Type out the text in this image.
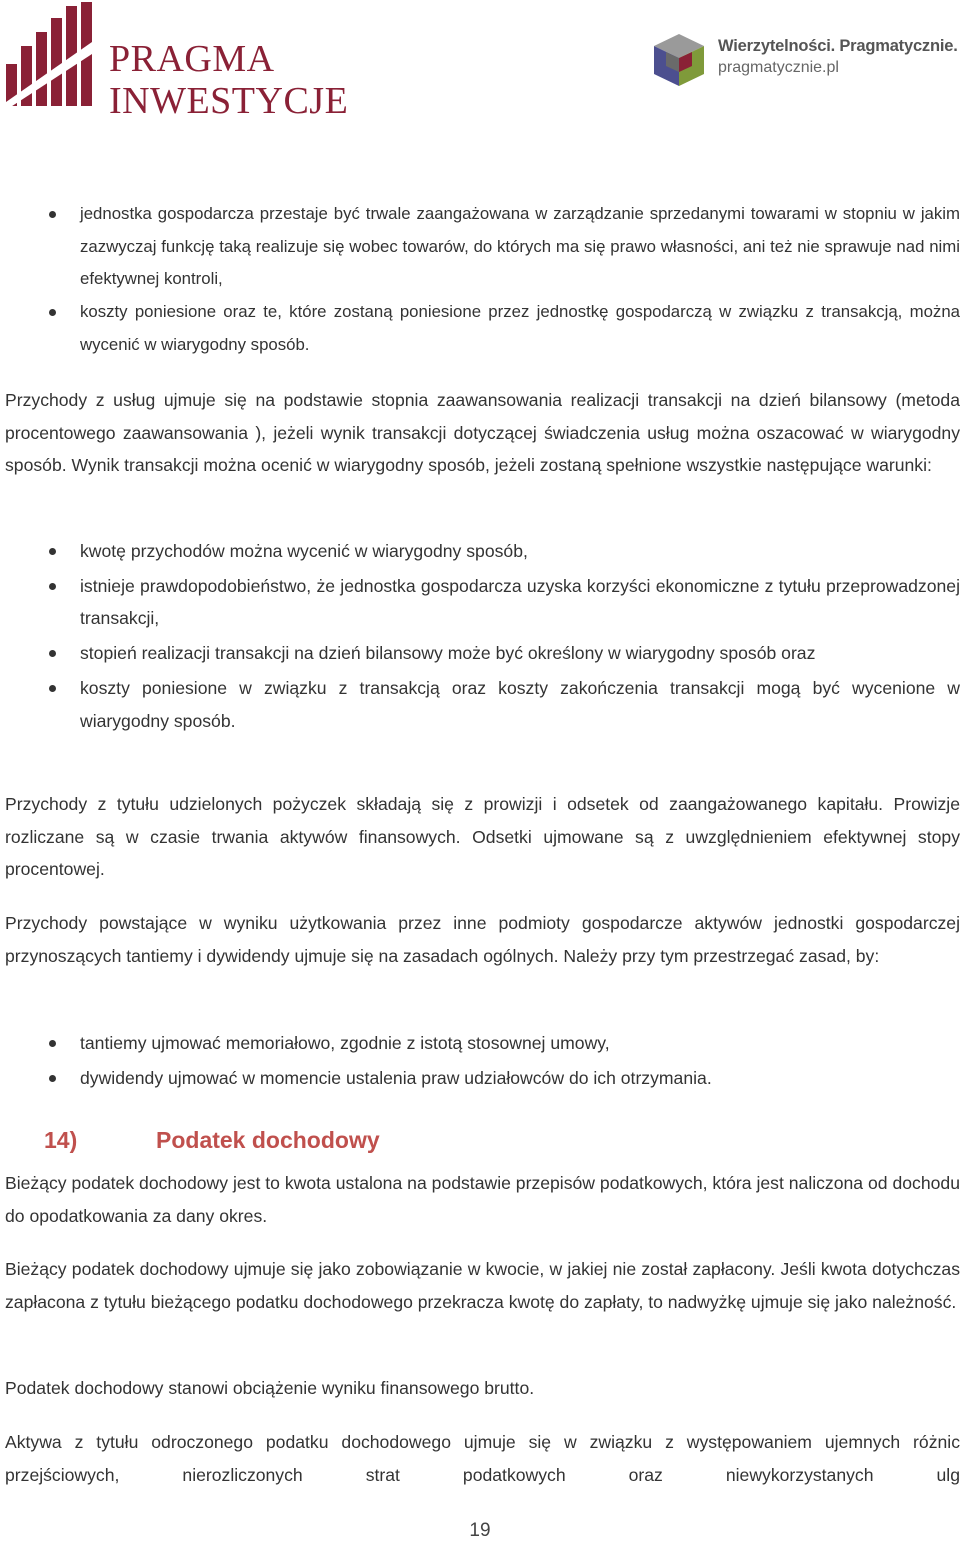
PRAGMA
INWESTYCJE
Wierzytelności. Pragmatycznie.
pragmatycznie.pl
jednostka gospodarcza przestaje być trwale zaangażowana w zarządzanie sprzedanymi towarami w stopniu w jakim zazwyczaj funkcję taką realizuje się wobec towarów, do których ma się prawo własności, ani też nie sprawuje nad nimi efektywnej kontroli,
koszty poniesione oraz te, które zostaną poniesione przez jednostkę gospodarczą w związku z transakcją, można wycenić w wiarygodny sposób.

Przychody z usług ujmuje się na podstawie stopnia zaawansowania realizacji transakcji na dzień bilansowy (metoda procentowego zaawansowania ), jeżeli wynik transakcji dotyczącej świadczenia usług można oszacować w wiarygodny sposób. Wynik transakcji można ocenić w wiarygodny sposób, jeżeli zostaną spełnione wszystkie następujące warunki:

kwotę przychodów można wycenić w wiarygodny sposób,
istnieje prawdopodobieństwo, że jednostka gospodarcza uzyska korzyści ekonomiczne z tytułu przeprowadzonej transakcji,
stopień realizacji transakcji na dzień bilansowy może być określony w wiarygodny sposób oraz
koszty poniesione w związku z transakcją oraz koszty zakończenia transakcji mogą być wycenione w wiarygodny sposób.

Przychody z tytułu udzielonych pożyczek składają się z prowizji i odsetek od zaangażowanego kapitału. Prowizje rozliczane są w czasie trwania aktywów finansowych. Odsetki ujmowane są z uwzględnieniem efektywnej stopy procentowej.

Przychody powstające w wyniku użytkowania przez inne podmioty gospodarcze aktywów jednostki gospodarczej przynoszących tantiemy i dywidendy ujmuje się na zasadach ogólnych. Należy przy tym przestrzegać zasad, by:

tantiemy ujmować memoriałowo, zgodnie z istotą stosownej umowy,
dywidendy ujmować w momencie ustalenia praw udziałowców do ich otrzymania.
14)	Podatek dochodowy

Bieżący podatek dochodowy jest to kwota ustalona na podstawie przepisów podatkowych, która jest naliczona od dochodu do opodatkowania za dany okres.

Bieżący podatek dochodowy ujmuje się jako zobowiązanie w kwocie, w jakiej nie został zapłacony. Jeśli kwota dotychczas zapłacona z tytułu bieżącego podatku dochodowego przekracza kwotę do zapłaty, to nadwyżkę ujmuje się jako należność.

Podatek dochodowy stanowi obciążenie wyniku finansowego brutto.

Aktywa z tytułu odroczonego podatku dochodowego ujmuje się w związku z występowaniem ujemnych różnic przejściowych, nierozliczonych strat podatkowych oraz niewykorzystanych ulg

19
